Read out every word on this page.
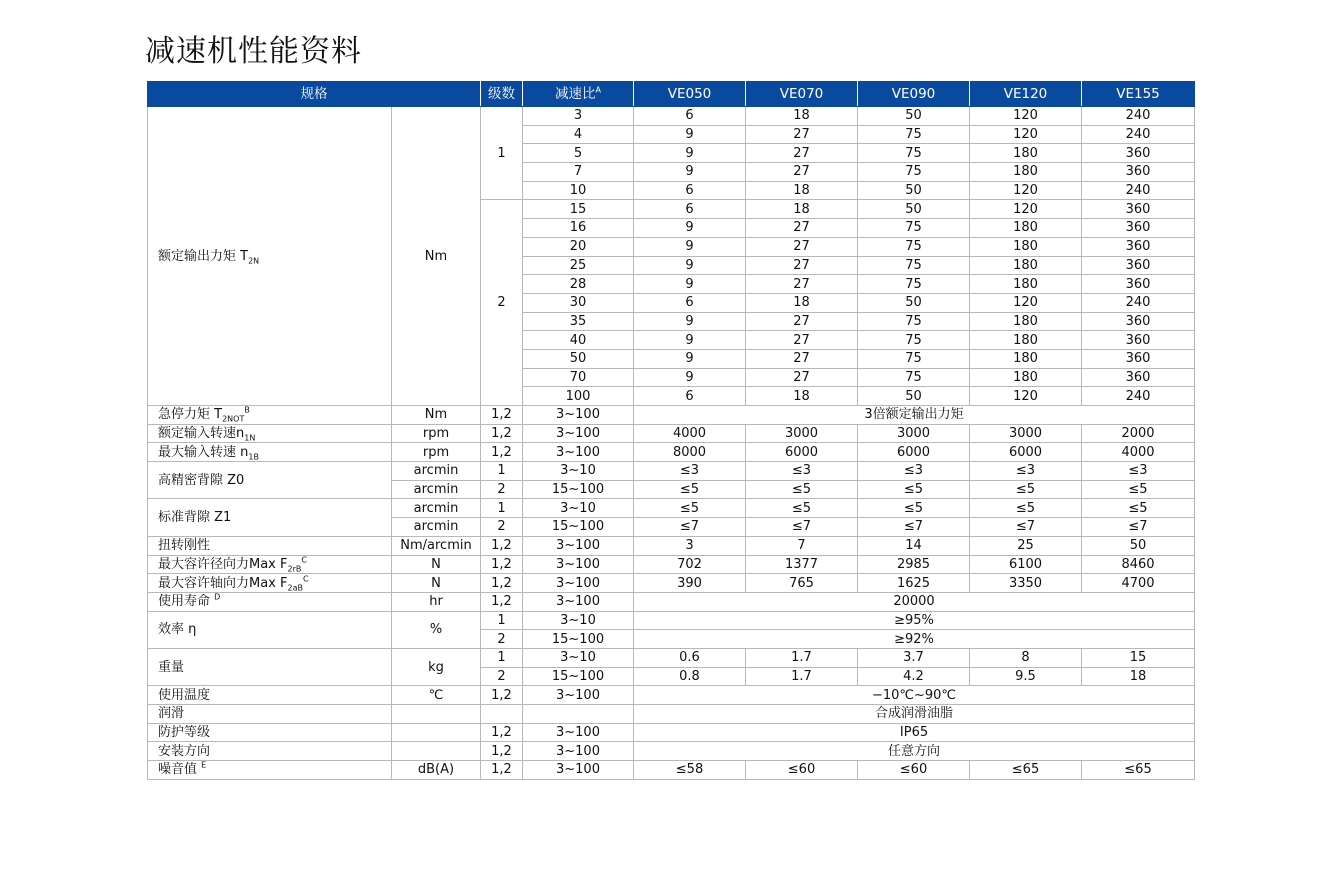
减速机性能资料
规格		级数	减速比$^A$	VE050	VE070	VE090	VE120	VE155
额定输出力矩 $T_{2N}$	Nm	1	3	6	18	50	120	240
			4	9	27	75	120	240
			5	9	27	75	180	360
			7	9	27	75	180	360
			10	6	18	50	120	240
		2	15	6	18	50	120	360
			16	9	27	75	180	360
			20	9	27	75	180	360
			25	9	27	75	180	360
			28	9	27	75	180	360
			30	6	18	50	120	240
			35	9	27	75	180	360
			40	9	27	75	180	360
			50	9	27	75	180	360
			70	9	27	75	180	360
			100	6	18	50	120	240
急停力矩 $T_{2NOT}^B$	Nm	1,2	3~100	3倍额定输出力矩				
额定输入转速$n_{1N}$	rpm	1,2	3~100	4000	3000	3000	3000	2000
最大输入转速 $n_{1B}$	rpm	1,2	3~100	8000	6000	6000	6000	4000
高精密背隙 Z0	arcmin	1	3~10	≤3	≤3	≤3	≤3	≤3
	arcmin	2	15~100	≤5	≤5	≤5	≤5	≤5
标准背隙 Z1	arcmin	1	3~10	≤5	≤5	≤5	≤5	≤5
	arcmin	2	15~100	≤7	≤7	≤7	≤7	≤7
扭转刚性	Nm/arcmin	1,2	3~100	3	7	14	25	50
最大容许径向力Max $F_{2rB}^C$	N	1,2	3~100	702	1377	2985	6100	8460
最大容许轴向力Max $F_{2aB}^C$	N	1,2	3~100	390	765	1625	3350	4700
使用寿命 $^D$	hr	1,2	3~100	20000				
效率 η	%	1	3~10	≥95%				
		2	15~100	≥92%				
重量	kg	1	3~10	0.6	1.7	3.7	8	15
		2	15~100	0.8	1.7	4.2	9.5	18
使用温度	℃	1,2	3~100	−10℃~90℃				
润滑				合成润滑油脂				
防护等级		1,2	3~100	IP65				
安装方向		1,2	3~100	任意方向				
噪音值 $^E$	dB(A)	1,2	3~100	≤58	≤60	≤60	≤65	≤65
